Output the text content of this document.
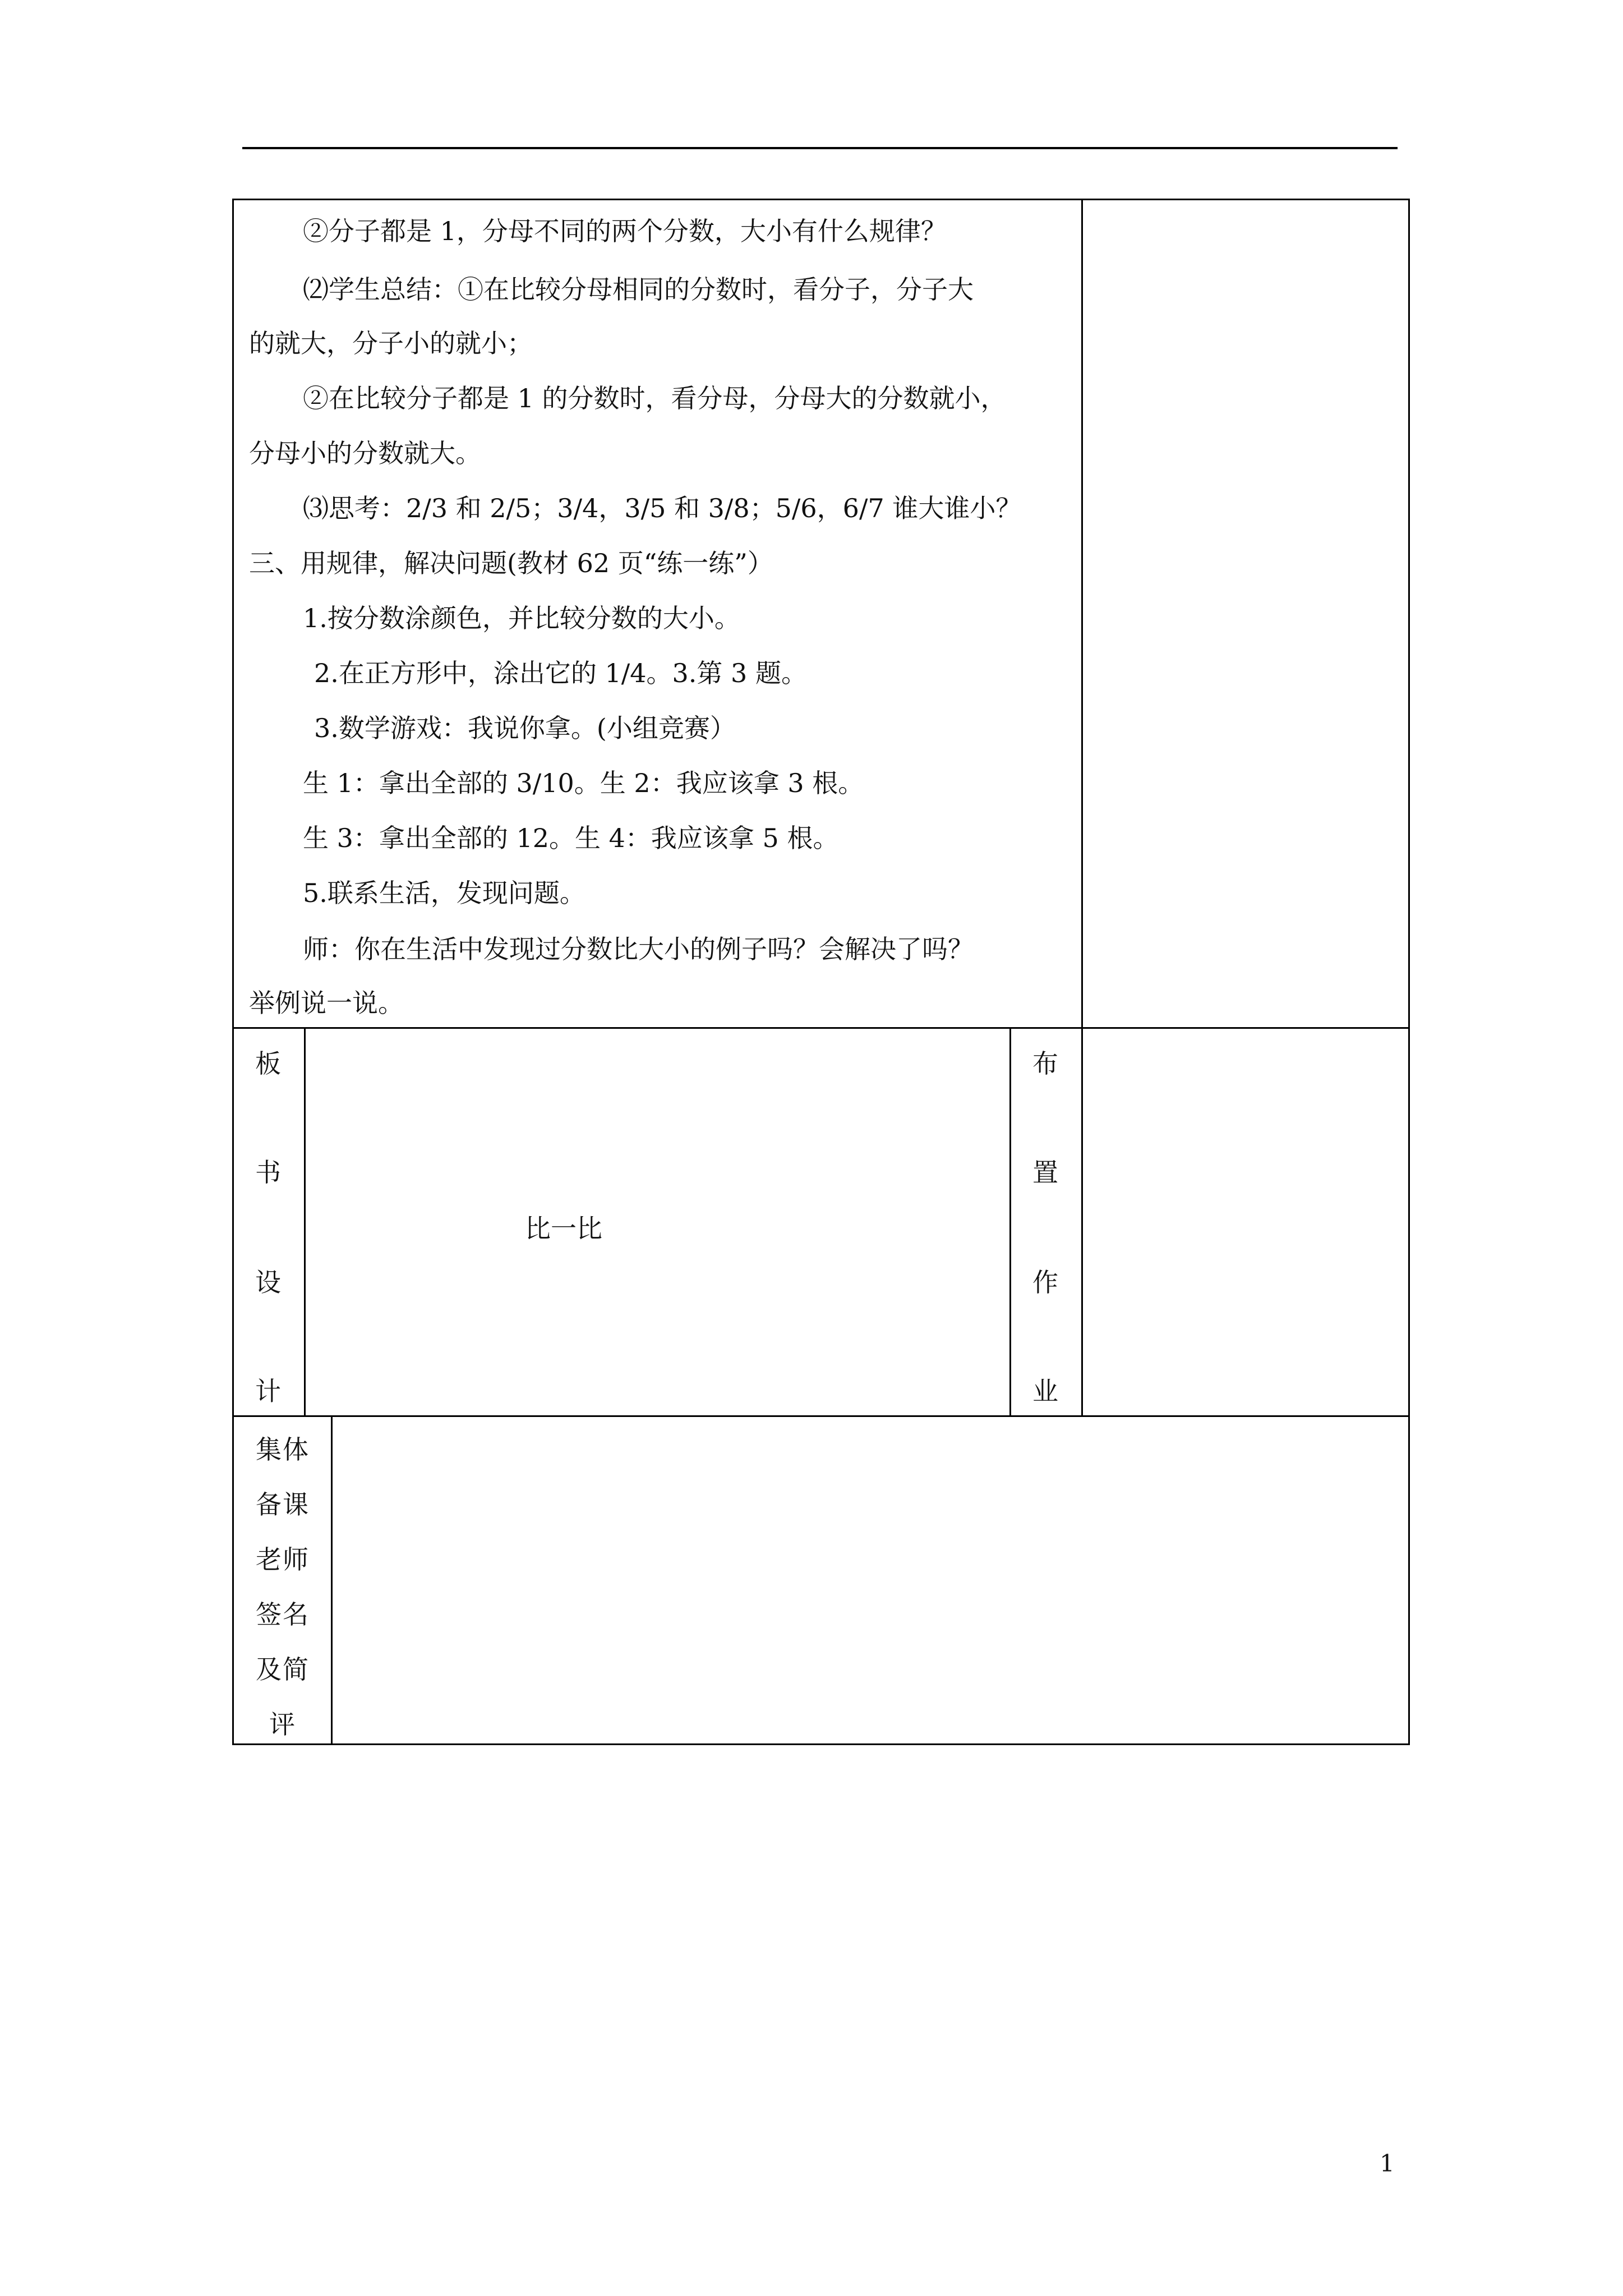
②分子都是 1，分母不同的两个分数，大小有什么规律？
⑵学生总结：①在比较分母相同的分数时，看分子，分子大
的就大，分子小的就小；
②在比较分子都是 1 的分数时，看分母，分母大的分数就小，
分母小的分数就大。
⑶思考：2/3 和 2/5；3/4，3/5 和 3/8；5/6，6/7 谁大谁小？
三、用规律，解决问题(教材 62 页“练一练”）
1.按分数涂颜色，并比较分数的大小。
2.在正方形中，涂出它的 1/4。3.第 3 题。
3.数学游戏：我说你拿。(小组竞赛）
生 1：拿出全部的 3/10。生 2：我应该拿 3 根。
生 3：拿出全部的 12。生 4：我应该拿 5 根。
5.联系生活，发现问题。
师：你在生活中发现过分数比大小的例子吗？会解决了吗？
举例说一说。
板
书
设
计
比一比
布
置
作
业
集体
备课
老师
签名
及简
评
1
